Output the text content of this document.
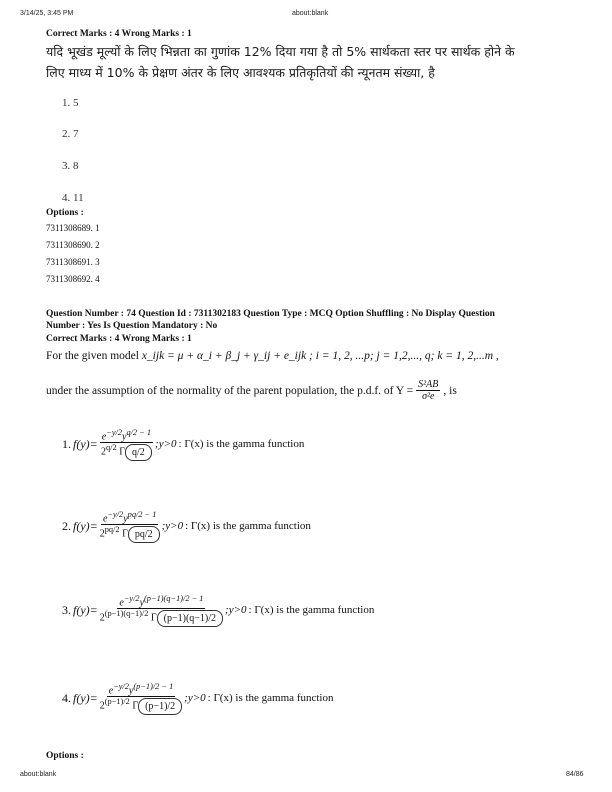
3/14/25, 3:45 PM	about:blank
Correct Marks : 4 Wrong Marks : 1
यदि भूखंड मूल्यों के लिए भिन्नता का गुणांक 12% दिया गया है तो 5% सार्थकता स्तर पर सार्थक होने के
लिए माध्य में 10% के प्रेक्षण अंतर के लिए आवश्यक प्रतिकृतियों की न्यूनतम संख्या, है
1. 5
2. 7
3. 8
4. 11
Options :
7311308689. 1
7311308690. 2
7311308691. 3
7311308692. 4
Question Number : 74 Question Id : 7311302183 Question Type : MCQ Option Shuffling : No Display Question
Number : Yes Is Question Mandatory : No
Correct Marks : 4 Wrong Marks : 1
For the given model x_ijk = μ + α_i + β_j + γ_ij + e_ijk ; i = 1, 2, ...p; j = 1,2,..., q; k = 1, 2,...m ,
under the assumption of the normality of the parent population, the p.d.f. of $Y = \frac{\text{S²AB}}{\text{σ²e}}$ , is
1. $f(y)= \frac{e^{-y/2}y^{q/2 - 1}}{2^{q/2} \Gamma q/2}$ ;y>0 : Γ(x) is the gamma function
2. $f(y)= \frac{e^{-y/2}y^{pq/2 - 1}}{2^{pq/2} \Gamma pq/2}$ ;y>0 : Γ(x) is the gamma function
3. $f(y)= \frac{e^{-y/2}y^{(p-1)(q-1)/2 - 1}}{2^{(p-1)(q-1)/2} \Gamma (p-1)(q-1)/2}$ ;y>0 : Γ(x) is the gamma function
4. $f(y)= \frac{e^{-y/2}y^{(p-1)/2 - 1}}{2^{(p-1)/2} \Gamma (p-1)/2}$ ;y>0 : Γ(x) is the gamma function
Options :
about:blank	84/86
